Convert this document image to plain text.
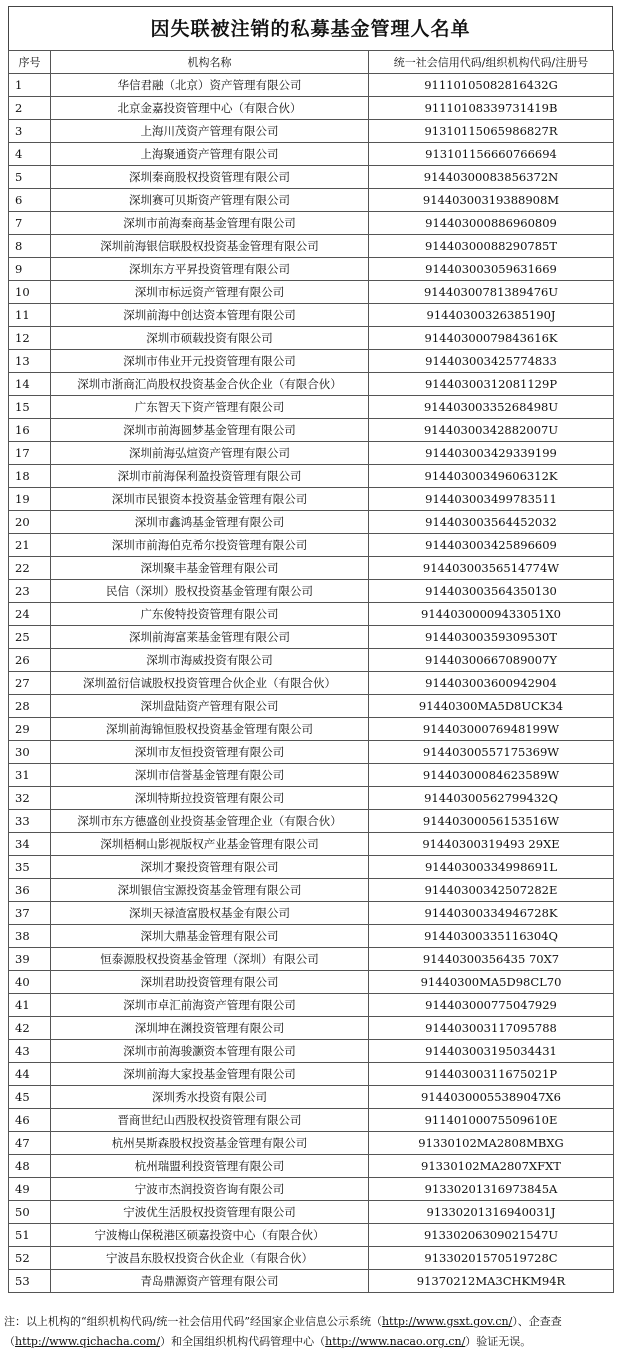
因失联被注销的私募基金管理人名单
序号	机构名称	统一社会信用代码/组织机构代码/注册号
1	华信君融（北京）资产管理有限公司	91110105082816432G
2	北京金嘉投资管理中心（有限合伙）	91110108339731419B
3	上海川茂资产管理有限公司	91310115065986827R
4	上海聚通资产管理有限公司	913101156660766694
5	深圳秦商股权投资管理有限公司	91440300083856372N
6	深圳赛可贝斯资产管理有限公司	91440300319388908M
7	深圳市前海秦商基金管理有限公司	914403000886960809
8	深圳前海银信联股权投资基金管理有限公司	91440300088290785T
9	深圳东方平昇投资管理有限公司	914403003059631669
10	深圳市标远资产管理有限公司	91440300781389476U
11	深圳前海中创达资本管理有限公司	91440300326385190J
12	深圳市硕载投资有限公司	91440300079843616K
13	深圳市伟业开元投资管理有限公司	914403003425774833
14	深圳市浙商汇尚股权投资基金合伙企业（有限合伙）	91440300312081129P
15	广东智天下资产管理有限公司	91440300335268498U
16	深圳市前海圆梦基金管理有限公司	91440300342882007U
17	深圳前海弘煊资产管理有限公司	914403003429339199
18	深圳市前海保利盈投资管理有限公司	91440300349606312K
19	深圳市民银资本投资基金管理有限公司	914403003499783511
20	深圳市鑫鸿基金管理有限公司	914403003564452032
21	深圳市前海伯克希尔投资管理有限公司	914403003425896609
22	深圳聚丰基金管理有限公司	91440300356514774W
23	民信（深圳）股权投资基金管理有限公司	914403003564350130
24	广东俊特投资管理有限公司	91440300009433051X0
25	深圳前海富莱基金管理有限公司	91440300359309530T
26	深圳市海威投资有限公司	91440300667089007Y
27	深圳盈衍信诚股权投资管理合伙企业（有限合伙）	914403003600942904
28	深圳盘陆资产管理有限公司	91440300MA5D8UCK34
29	深圳前海锦恒股权投资基金管理有限公司	91440300076948199W
30	深圳市友恒投资管理有限公司	91440300557175369W
31	深圳市信誉基金管理有限公司	91440300084623589W
32	深圳特斯拉投资管理有限公司	91440300562799432Q
33	深圳市东方德盛创业投资基金管理企业（有限合伙）	91440300056153516W
34	深圳梧桐山影视版权产业基金管理有限公司	91440300319493 29XE
35	深圳才聚投资管理有限公司	91440300334998691L
36	深圳银信宝源投资基金管理有限公司	91440300342507282E
37	深圳天禄渣富股权基金有限公司	91440300334946728K
38	深圳大鼎基金管理有限公司	91440300335116304Q
39	恒泰源股权投资基金管理（深圳）有限公司	91440300356435 70X7
40	深圳君助投资管理有限公司	91440300MA5D98CL70
41	深圳市卓汇前海资产管理有限公司	914403000775047929
42	深圳坤在渊投资管理有限公司	914403003117095788
43	深圳市前海骏灏资本管理有限公司	914403003195034431
44	深圳前海大家投基金管理有限公司	91440300311675021P
45	深圳秀水投资有限公司	91440300055389047X6
46	晋商世纪山西股权投资管理有限公司	91140100075509610E
47	杭州昊斯森股权投资基金管理有限公司	91330102MA2808MBXG
48	杭州瑞盟利投资管理有限公司	91330102MA2807XFXT
49	宁波市杰润投资咨询有限公司	91330201316973845A
50	宁波优生活股权投资管理有限公司	91330201316940031J
51	宁波梅山保税港区硕嘉投资中心（有限合伙）	91330206309021547U
52	宁波昌东股权投资合伙企业（有限合伙）	91330201570519728C
53	青岛鼎源资产管理有限公司	91370212MA3CHKM94R
注：以上机构的“组织机构代码/统一社会信用代码”经国家企业信息公示系统（http://www.gsxt.gov.cn/）、企查查
（http://www.qichacha.com/）和全国组织机构代码管理中心（http://www.nacao.org.cn/）验证无误。
